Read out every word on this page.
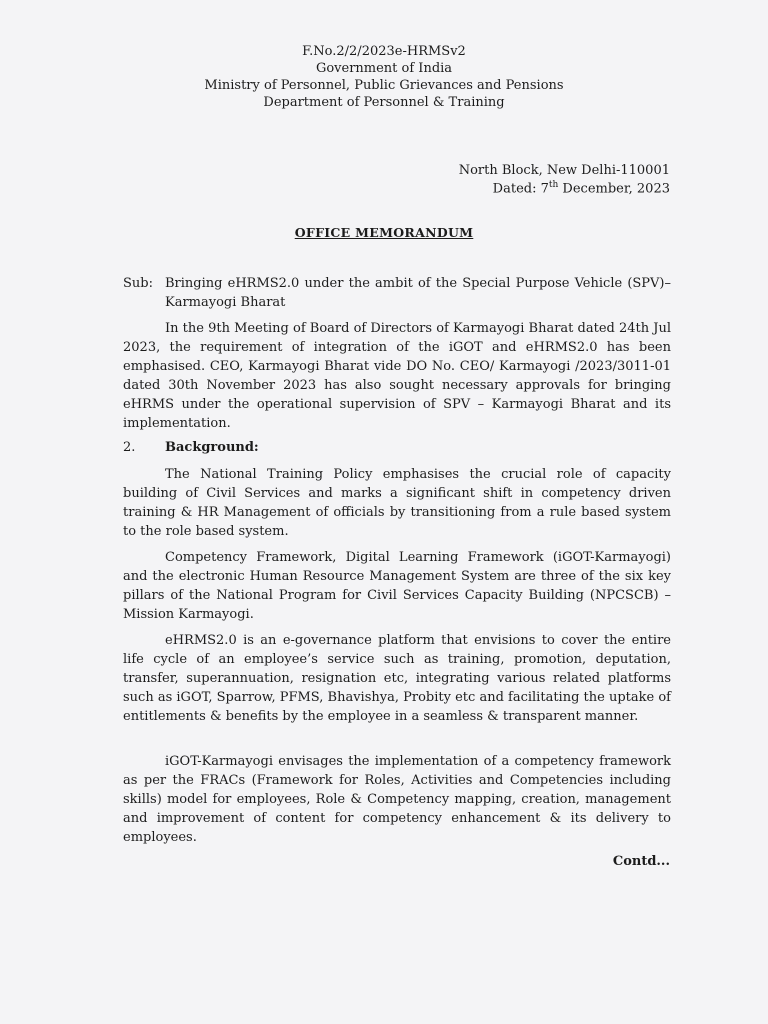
F.No.2/2/2023e-HRMSv2
Government of India
Ministry of Personnel, Public Grievances and Pensions
Department of Personnel & Training
North Block, New Delhi-110001
Dated: 7th December, 2023
OFFICE MEMORANDUM
Sub: Bringing eHRMS2.0 under the ambit of the Special Purpose Vehicle (SPV)– Karmayogi Bharat

In the 9th Meeting of Board of Directors of Karmayogi Bharat dated 24th Jul 2023, the requirement of integration of the iGOT and eHRMS2.0 has been emphasised. CEO, Karmayogi Bharat vide DO No. CEO/ Karmayogi /2023/3011-01 dated 30th November 2023 has also sought necessary approvals for bringing eHRMS under the operational supervision of SPV – Karmayogi Bharat and its implementation.

2. Background:

The National Training Policy emphasises the crucial role of capacity building of Civil Services and marks a significant shift in competency driven training & HR Management of officials by transitioning from a rule based system to the role based system.

Competency Framework, Digital Learning Framework (iGOT-Karmayogi) and the electronic Human Resource Management System are three of the six key pillars of the National Program for Civil Services Capacity Building (NPCSCB) – Mission Karmayogi.

eHRMS2.0 is an e-governance platform that envisions to cover the entire life cycle of an employee’s service such as training, promotion, deputation, transfer, superannuation, resignation etc, integrating various related platforms such as iGOT, Sparrow, PFMS, Bhavishya, Probity etc and facilitating the uptake of entitlements & benefits by the employee in a seamless & transparent manner.

iGOT-Karmayogi envisages the implementation of a competency framework as per the FRACs (Framework for Roles, Activities and Competencies including skills) model for employees, Role & Competency mapping, creation, management and improvement of content for competency enhancement & its delivery to employees.

Contd...
